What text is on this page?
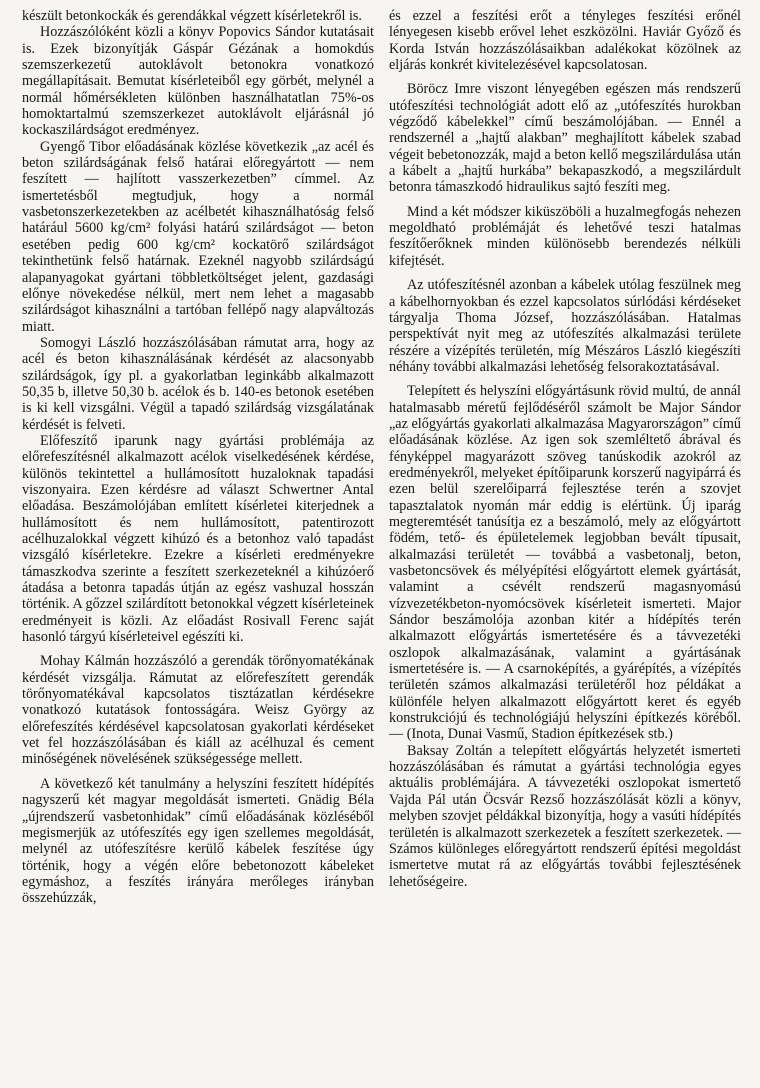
készült betonkockák és gerendákkal végzett kísérletekről is.

Hozzászólóként közli a könyv Popovics Sándor kutatásait is. Ezek bizonyítják Gáspár Gézának a homokdús szemszerkezetű autoklávolt betonokra vonatkozó megállapításait. Bemutat kísérleteiből egy görbét, melynél a normál hőmérsékleten különben használhatatlan 75%-os homoktartalmú szemszerkezet autoklávolt eljárásnál jó kockaszilárdságot eredményez.

Gyengő Tibor előadásának közlése következik „az acél és beton szilárdságának felső határai előregyártott — nem feszített — hajlított vasszerkezetben” címmel. Az ismertetésből megtudjuk, hogy a normál vasbetonszerkezetekben az acélbetét kihasználhatóság felső határául 5600 kg/cm² folyási határú szilárdságot — beton esetében pedig 600 kg/cm² kockatörő szilárdságot tekinthetünk felső határnak. Ezeknél nagyobb szilárdságú alapanyagokat gyártani többletköltséget jelent, gazdasági előnye növekedése nélkül, mert nem lehet a magasabb szilárdságot kihasználni a tartóban fellépő nagy alapváltozás miatt.

Somogyi László hozzászólásában rámutat arra, hogy az acél és beton kihasználásának kérdését az alacsonyabb szilárdságok, így pl. a gyakorlatban leginkább alkalmazott 50,35 b, illetve 50,30 b. acélok és b. 140-es betonok esetében is ki kell vizsgálni. Végül a tapadó szilárdság vizsgálatának kérdését is felveti.

Előfeszítő iparunk nagy gyártási problémája az előrefeszítésnél alkalmazott acélok viselkedésének kérdése, különös tekintettel a hullámosított huzaloknak tapadási viszonyaira. Ezen kérdésre ad választ Schwertner Antal előadása. Beszámolójában említett kísérletei kiterjednek a hullámosított és nem hullámosított, patentirozott acélhuzalokkal végzett kihúzó és a betonhoz való tapadást vizsgáló kísérletekre. Ezekre a kísérleti eredményekre támaszkodva szerinte a feszített szerkezeteknél a kihúzóerő átadása a betonra tapadás útján az egész vashuzal hosszán történik. A gőzzel szilárdított betonokkal végzett kísérleteinek eredményeit is közli. Az előadást Rosivall Ferenc saját hasonló tárgyú kísérleteivel egészíti ki.

Mohay Kálmán hozzászóló a gerendák törőnyomatékának kérdését vizsgálja. Rámutat az előrefeszített gerendák törőnyomatékával kapcsolatos tisztázatlan kérdésekre vonatkozó kutatások fontosságára. Weisz György az előrefeszítés kérdésével kapcsolatosan gyakorlati kérdéseket vet fel hozzászólásában és kiáll az acélhuzal és cement minőségének növelésének szükségessége mellett.

A következő két tanulmány a helyszíni feszített hídépítés nagyszerű két magyar megoldását ismerteti. Gnädig Béla „újrendszerű vasbetonhidak” című előadásának közléséből megismerjük az utófeszítés egy igen szellemes megoldását, melynél az utófeszítésre kerülő kábelek feszítése úgy történik, hogy a végén előre bebetonozott kábeleket egymáshoz, a feszítés irányára merőleges irányban összehúzzák,

és ezzel a feszítési erőt a tényleges feszítési erőnél lényegesen kisebb erővel lehet eszközölni. Haviár Győző és Korda István hozzászólásaikban adalékokat közölnek az eljárás konkrét kivitelezésével kapcsolatosan.

Böröcz Imre viszont lényegében egészen más rendszerű utófeszítési technológiát adott elő az „utófeszítés hurokban végződő kábelekkel” című beszámolójában. — Ennél a rendszernél a „hajtű alakban” meghajlított kábelek szabad végeit bebetonozzák, majd a beton kellő megszilárdulása után a kábelt a „hajtű hurkába” bekapaszkodó, a megszilárdult betonra támaszkodó hidraulikus sajtó feszíti meg.

Mind a két módszer kiküszöböli a huzalmegfogás nehezen megoldható problémáját és lehetővé teszi hatalmas feszítőerőknek minden különösebb berendezés nélküli kifejtését.

Az utófeszítésnél azonban a kábelek utólag feszülnek meg a kábelhornyokban és ezzel kapcsolatos súrlódási kérdéseket tárgyalja Thoma József, hozzászólásában. Hatalmas perspektívát nyit meg az utófeszítés alkalmazási területe részére a vízépítés területén, míg Mészáros László kiegészíti néhány további alkalmazási lehetőség felsorakoztatásával.

Telepített és helyszíni előgyártásunk rövid multú, de annál hatalmasabb méretű fejlődéséről számolt be Major Sándor „az előgyártás gyakorlati alkalmazása Magyarországon” című előadásának közlése. Az igen sok szemléltető ábrával és fényképpel magyarázott szöveg tanúskodik azokról az eredményekről, melyeket építőiparunk korszerű nagyipárrá és ezen belül szerelőiparrá fejlesztése terén a szovjet tapasztalatok nyomán már eddig is elértünk. Új iparág megteremtését tanúsítja ez a beszámoló, mely az előgyártott födém, tető- és épületelemek legjobban bevált típusait, alkalmazási területét — továbbá a vasbetonalj, beton, vasbetoncsövek és mélyépítési előgyártott elemek gyártását, valamint a csévélt rendszerű magasnyomású vízvezetékbeton-nyomócsövek kísérleteit ismerteti. Major Sándor beszámolója azonban kitér a hídépítés terén alkalmazott előgyártás ismertetésére és a távvezetéki oszlopok alkalmazásának, valamint a gyártásának ismertetésére is. — A csarnoképítés, a gyárépítés, a vízépítés területén számos alkalmazási területéről hoz példákat a különféle helyen alkalmazott előgyártott keret és egyéb konstrukciójú és technológiájú helyszíni építkezés köréből. — (Inota, Dunai Vasmű, Stadion építkezések stb.)

Baksay Zoltán a telepített előgyártás helyzetét ismerteti hozzászólásában és rámutat a gyártási technológia egyes aktuális problémájára. A távvezetéki oszlopokat ismertető Vajda Pál után Öcsvár Rezső hozzászólását közli a könyv, melyben szovjet példákkal bizonyítja, hogy a vasúti hídépítés területén is alkalmazott szerkezetek a feszített szerkezetek. — Számos különleges előregyártott rendszerű építési megoldást ismertetve mutat rá az előgyártás további fejlesztésének lehetőségeire.
